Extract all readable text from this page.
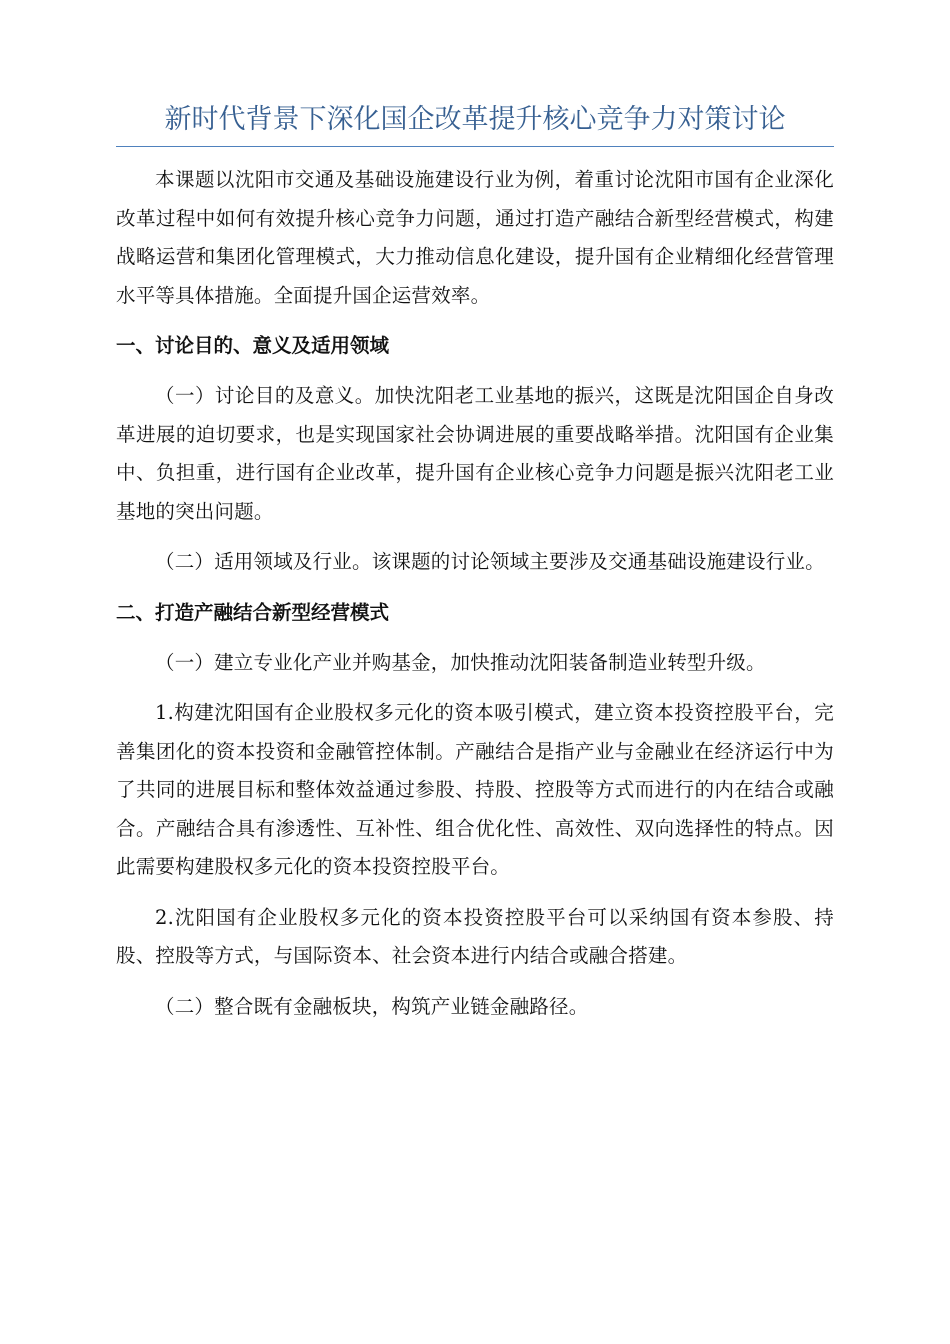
新时代背景下深化国企改革提升核心竞争力对策讨论

本课题以沈阳市交通及基础设施建设行业为例，着重讨论沈阳市国有企业深化改革过程中如何有效提升核心竞争力问题，通过打造产融结合新型经营模式，构建战略运营和集团化管理模式，大力推动信息化建设，提升国有企业精细化经营管理水平等具体措施。全面提升国企运营效率。

一、讨论目的、意义及适用领域

（一）讨论目的及意义。加快沈阳老工业基地的振兴，这既是沈阳国企自身改革进展的迫切要求，也是实现国家社会协调进展的重要战略举措。沈阳国有企业集中、负担重，进行国有企业改革，提升国有企业核心竞争力问题是振兴沈阳老工业基地的突出问题。

（二）适用领域及行业。该课题的讨论领域主要涉及交通基础设施建设行业。

二、打造产融结合新型经营模式

（一）建立专业化产业并购基金，加快推动沈阳装备制造业转型升级。

1.构建沈阳国有企业股权多元化的资本吸引模式，建立资本投资控股平台，完善集团化的资本投资和金融管控体制。产融结合是指产业与金融业在经济运行中为了共同的进展目标和整体效益通过参股、持股、控股等方式而进行的内在结合或融合。产融结合具有渗透性、互补性、组合优化性、高效性、双向选择性的特点。因此需要构建股权多元化的资本投资控股平台。

2.沈阳国有企业股权多元化的资本投资控股平台可以采纳国有资本参股、持股、控股等方式，与国际资本、社会资本进行内结合或融合搭建。

（二）整合既有金融板块，构筑产业链金融路径。
